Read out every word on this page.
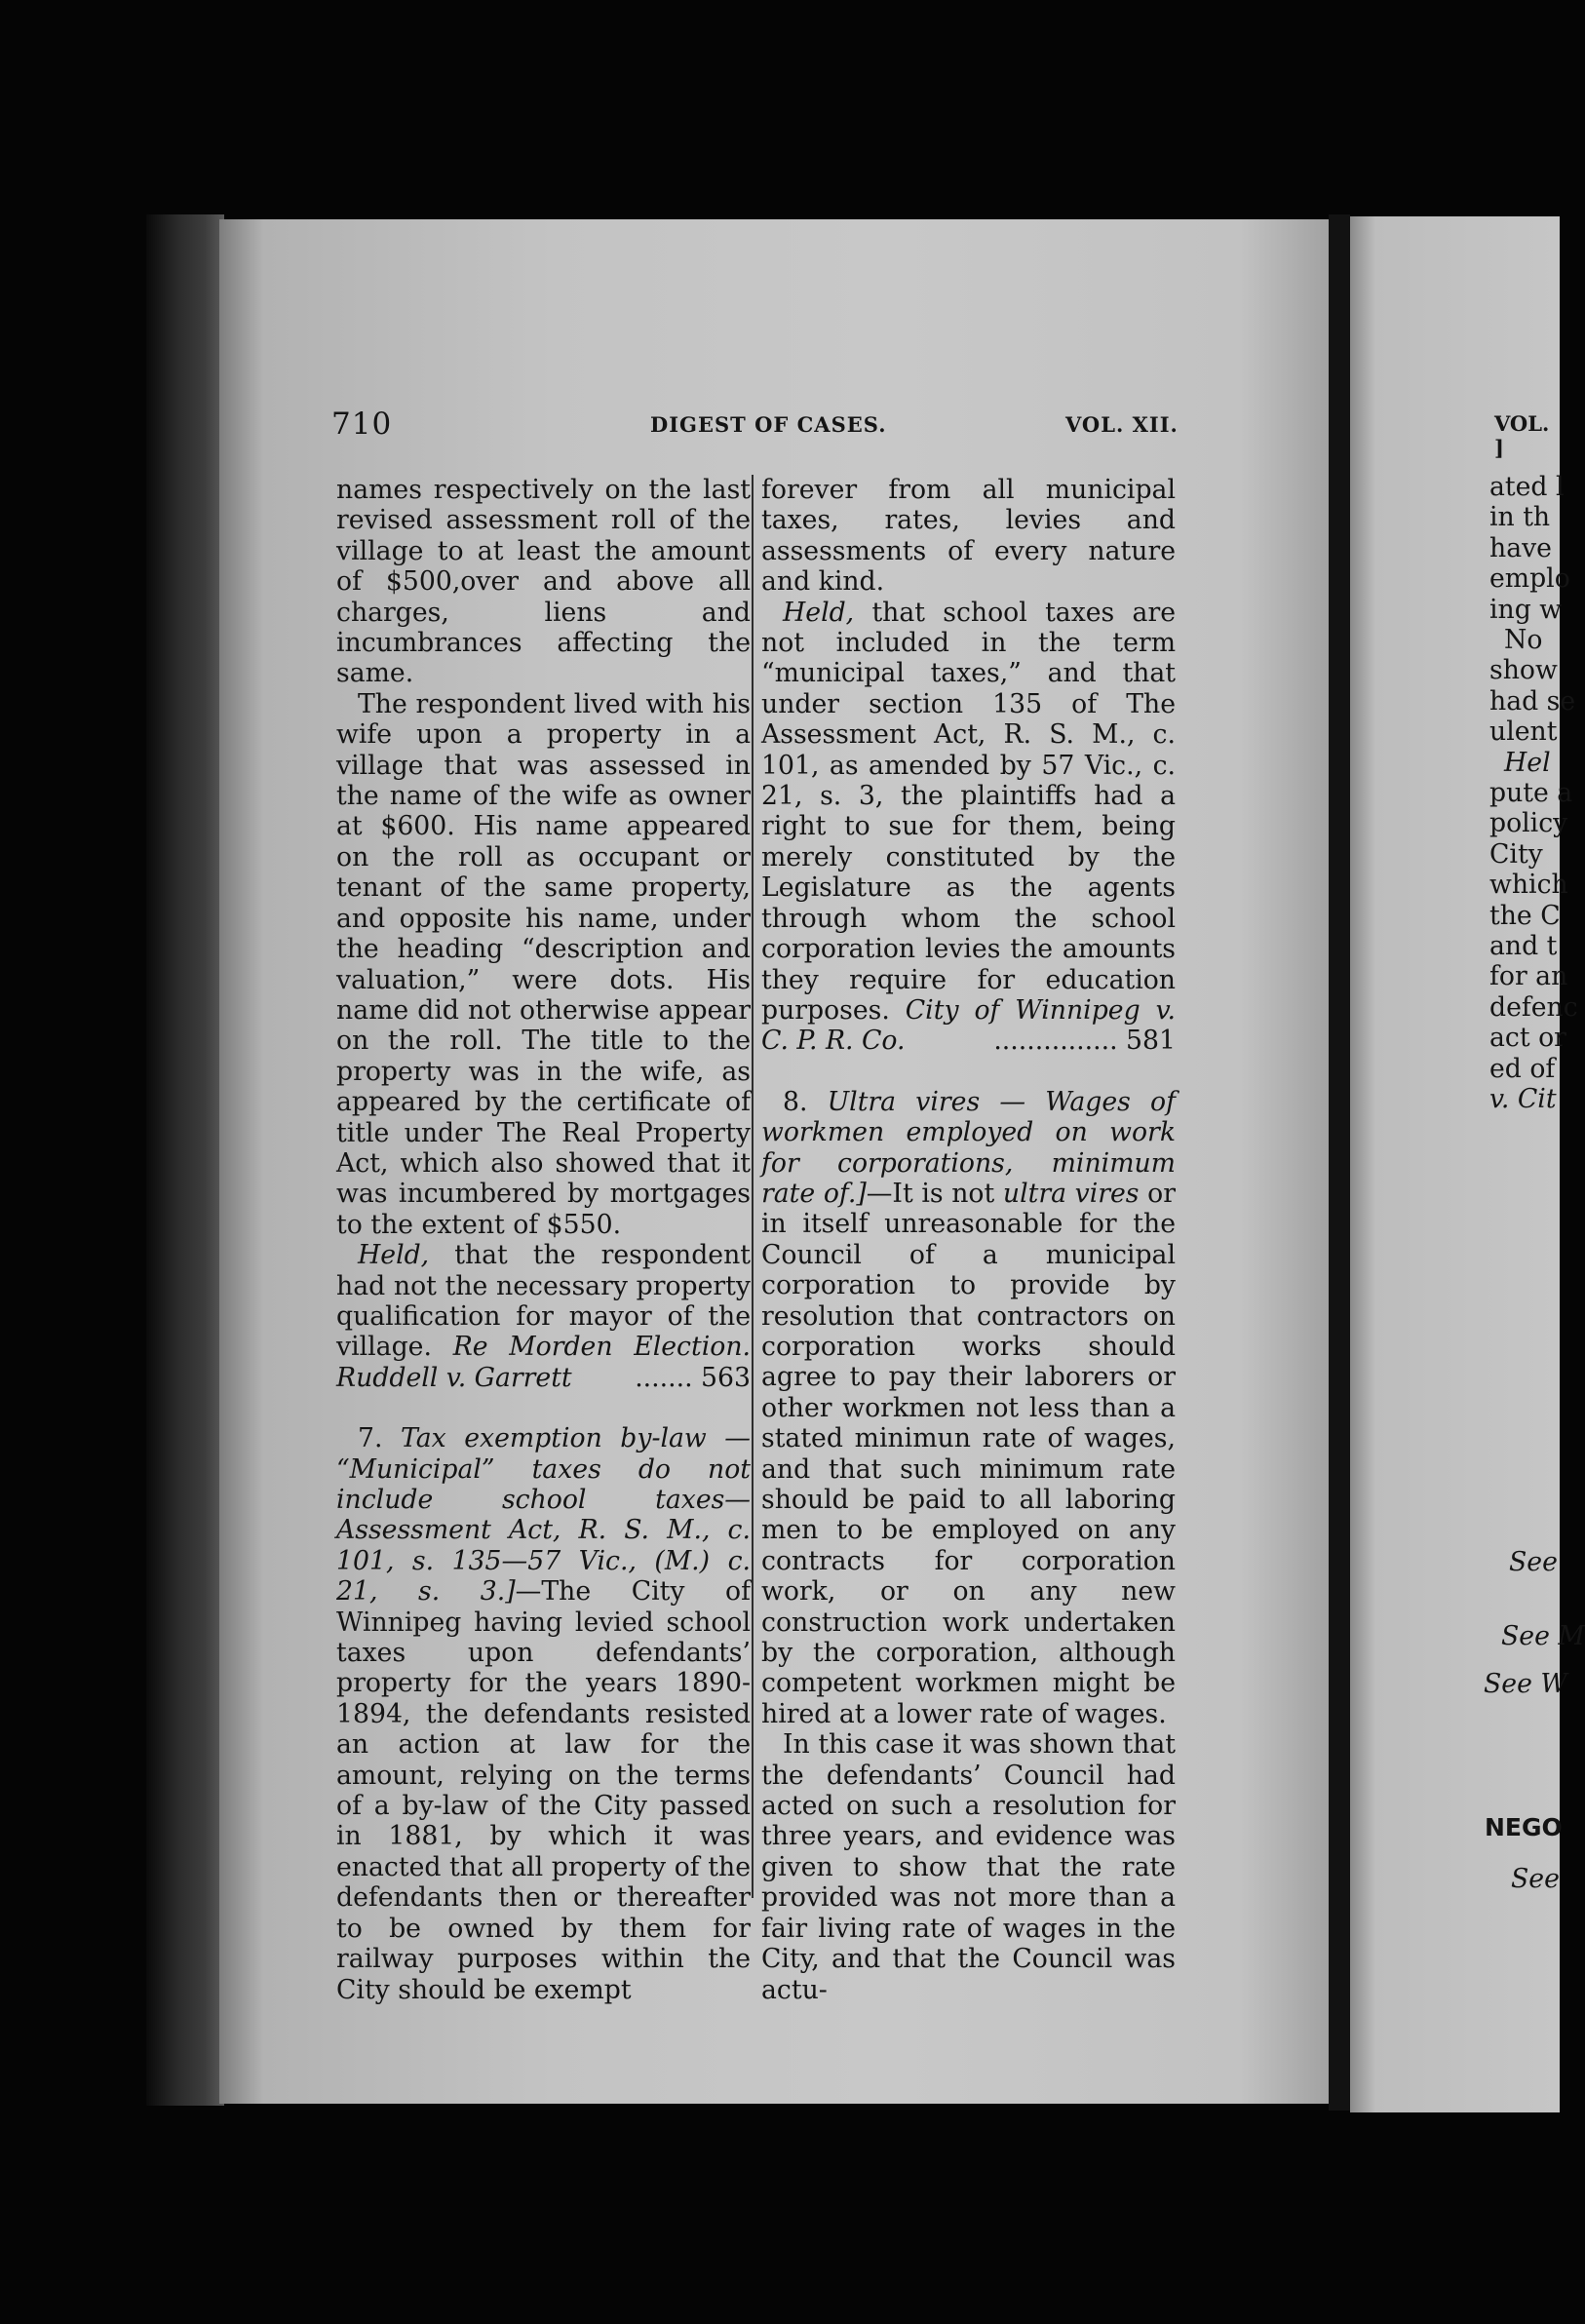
710	DIGEST OF CASES.	VOL. XII.

names respectively on the last revised assessment roll of the village to at least the amount of $500,over and above all charges, liens and incumbrances affecting the same.

The respondent lived with his wife upon a property in a village that was assessed in the name of the wife as owner at $600. His name appeared on the roll as occupant or tenant of the same property, and opposite his name, under the heading “description and valuation,” were dots. His name did not otherwise appear on the roll. The title to the property was in the wife, as appeared by the certificate of title under The Real Property Act, which also showed that it was incumbered by mortgages to the extent of $550.

Held, that the respondent had not the necessary property qualification for mayor of the village. Re Morden Election. Ruddell v. Garrett	....... 563

7. Tax exemption by-law — “Municipal” taxes do not include school taxes—Assessment Act, R. S. M., c. 101, s. 135—57 Vic., (M.) c. 21, s. 3.]—The City of Winnipeg having levied school taxes upon defendants’ property for the years 1890-1894, the defendants resisted an action at law for the amount, relying on the terms of a by-law of the City passed in 1881, by which it was enacted that all property of the defendants then or thereafter to be owned by them for railway purposes within the City should be exempt

forever from all municipal taxes, rates, levies and assessments of every nature and kind.

Held, that school taxes are not included in the term “municipal taxes,” and that under section 135 of The Assessment Act, R. S. M., c. 101, as amended by 57 Vic., c. 21, s. 3, the plaintiffs had a right to sue for them, being merely constituted by the Legislature as the agents through whom the school corporation levies the amounts they require for education purposes. City of Winnipeg v. C. P. R. Co.	............... 581

8. Ultra vires — Wages of workmen employed on work for corporations, minimum rate of.]—It is not ultra vires or in itself unreasonable for the Council of a municipal corporation to provide by resolution that contractors on corporation works should agree to pay their laborers or other workmen not less than a stated minimun rate of wages, and that such minimum rate should be paid to all laboring men to be employed on any contracts for corporation work, or on any new construction work undertaken by the corporation, although competent workmen might be hired at a lower rate of wages.

In this case it was shown that the defendants’ Council had acted on such a resolution for three years, and evidence was given to show that the rate provided was not more than a fair living rate of wages in the City, and that the Council was actu-

VOL. ]
ated l
in th
have
emplo
ing w
No
show
had se
ulent
Hel
pute a
policy
City
which
the C
and t
for an
defenc
act or
ed of
v. Cit
See
See M
See W
NEGO
See
